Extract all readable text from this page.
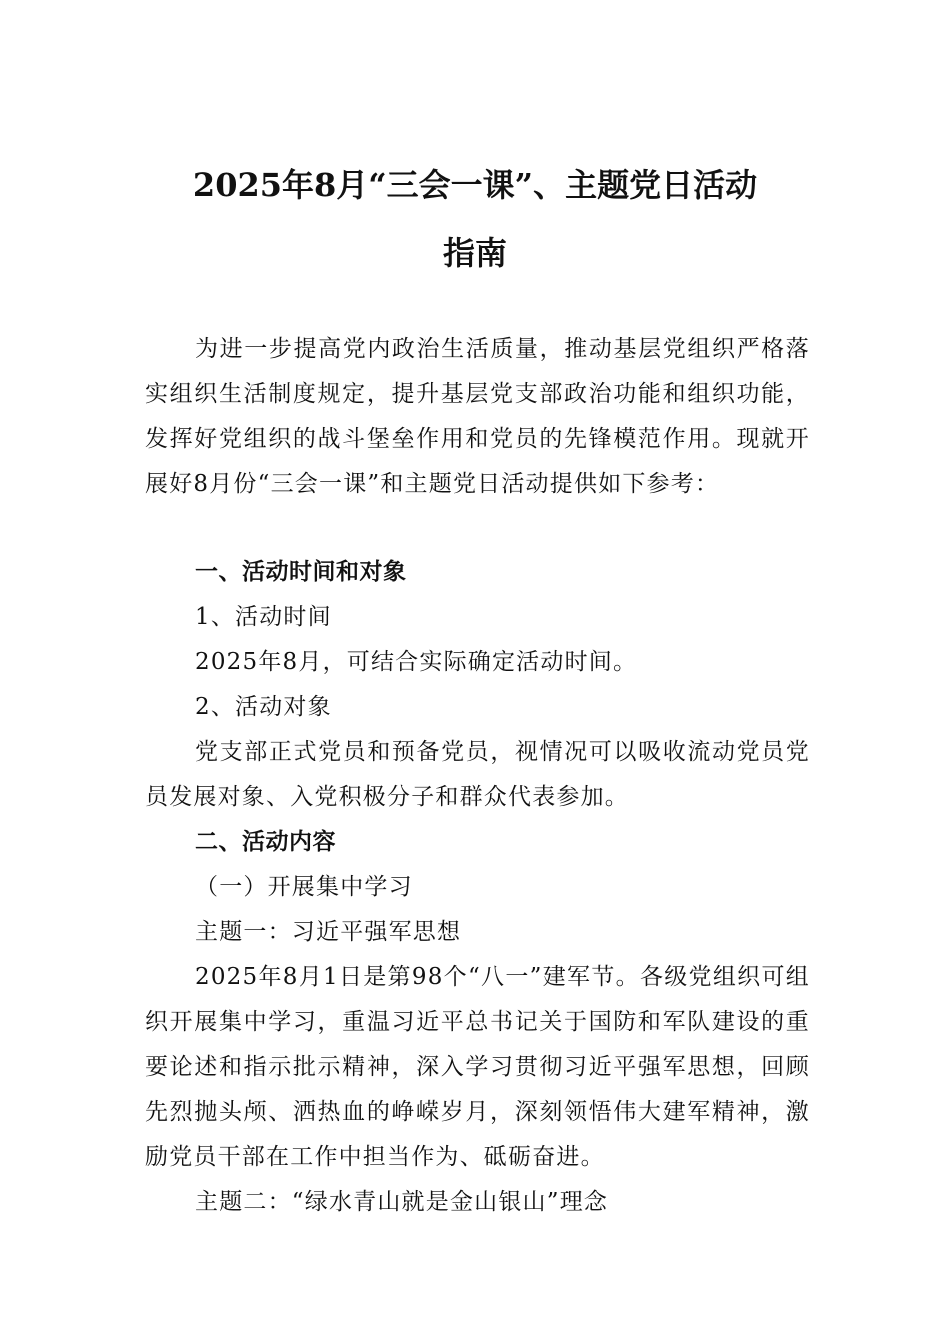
2025年8月“三会一课”、主题党日活动
指南

为进一步提高党内政治生活质量，推动基层党组织严格落实组织生活制度规定，提升基层党支部政治功能和组织功能，发挥好党组织的战斗堡垒作用和党员的先锋模范作用。现就开展好8月份“三会一课”和主题党日活动提供如下参考：

一、活动时间和对象
1、活动时间
2025年8月，可结合实际确定活动时间。
2、活动对象

党支部正式党员和预备党员，视情况可以吸收流动党员党员发展对象、入党积极分子和群众代表参加。

二、活动内容
（一）开展集中学习
主题一：习近平强军思想

2025年8月1日是第98个“八一”建军节。各级党组织可组织开展集中学习，重温习近平总书记关于国防和军队建设的重要论述和指示批示精神，深入学习贯彻习近平强军思想，回顾先烈抛头颅、洒热血的峥嵘岁月，深刻领悟伟大建军精神，激励党员干部在工作中担当作为、砥砺奋进。

主题二：“绿水青山就是金山银山”理念
